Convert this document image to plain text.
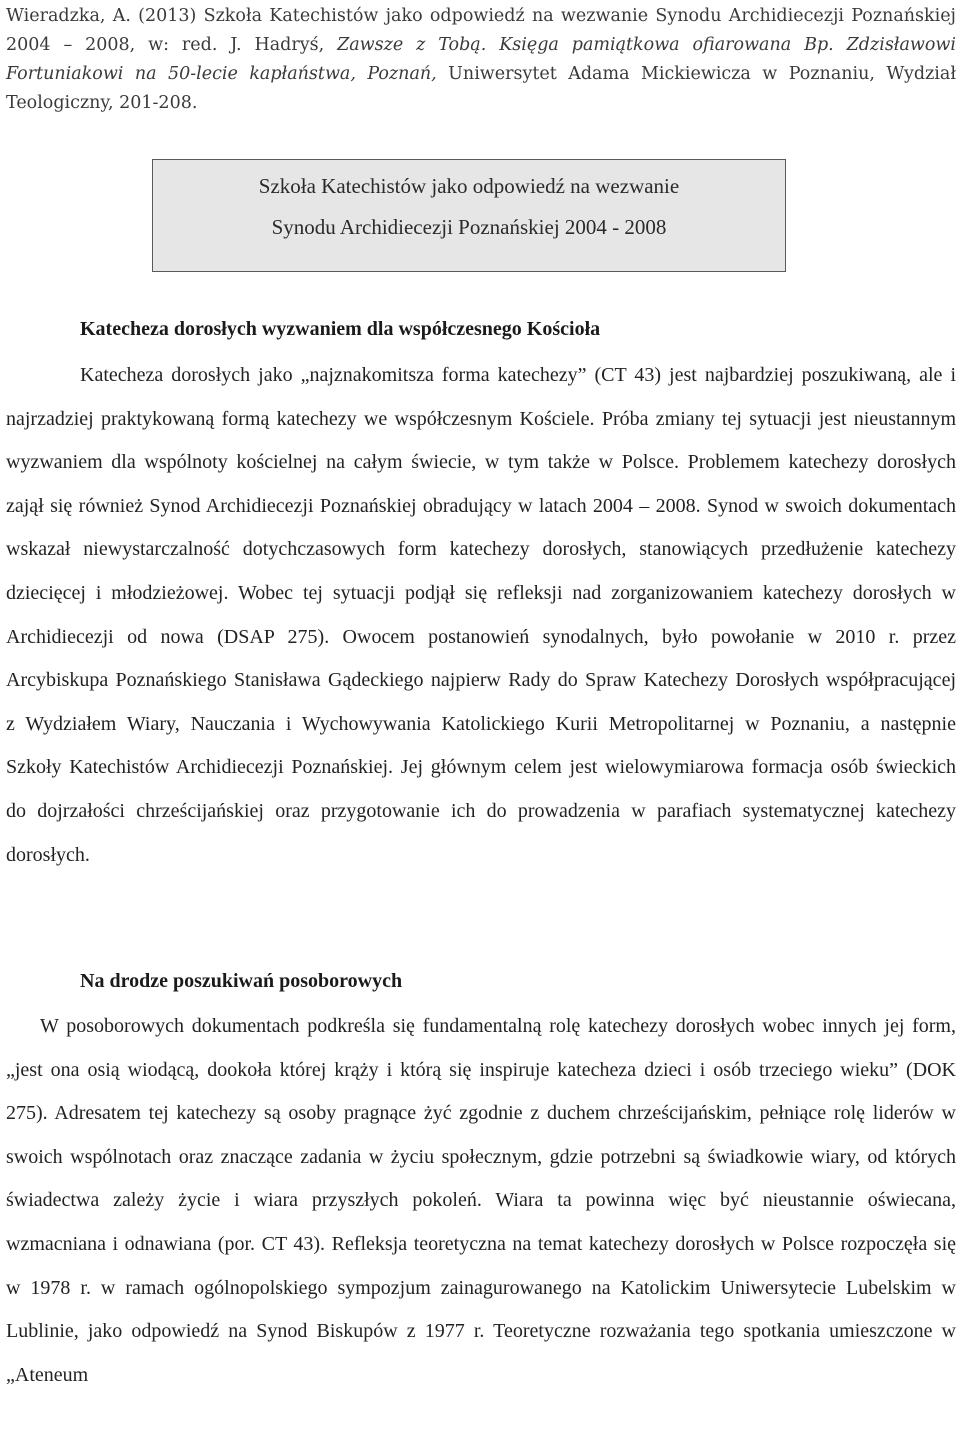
Wieradzka, A. (2013) Szkoła Katechistów jako odpowiedź na wezwanie Synodu Archidiecezji Poznańskiej 2004 – 2008, w: red. J. Hadryś, Zawsze z Tobą. Księga pamiątkowa ofiarowana Bp. Zdzisławowi Fortuniakowi na 50-lecie kapłaństwa, Poznań, Uniwersytet Adama Mickiewicza w Poznaniu, Wydział Teologiczny, 201-208.
Szkoła Katechistów jako odpowiedź na wezwanie
Synodu Archidiecezji Poznańskiej 2004 - 2008
Katecheza dorosłych wyzwaniem dla współczesnego Kościoła
Katecheza dorosłych jako „najznakomitsza forma katechezy” (CT 43) jest najbardziej poszukiwaną, ale i najrzadziej praktykowaną formą katechezy we współczesnym Kościele. Próba zmiany tej sytuacji jest nieustannym wyzwaniem dla wspólnoty kościelnej na całym świecie, w tym także w Polsce. Problemem katechezy dorosłych zajął się również Synod Archidiecezji Poznańskiej obradujący w latach 2004 – 2008. Synod w swoich dokumentach wskazał niewystarczalność dotychczasowych form katechezy dorosłych, stanowiących przedłużenie katechezy dziecięcej i młodzieżowej. Wobec tej sytuacji podjął się refleksji nad zorganizowaniem katechezy dorosłych w Archidiecezji od nowa (DSAP 275). Owocem postanowień synodalnych, było powołanie w 2010 r. przez Arcybiskupa Poznańskiego Stanisława Gądeckiego najpierw Rady do Spraw Katechezy Dorosłych współpracującej z Wydziałem Wiary, Nauczania i Wychowywania Katolickiego Kurii Metropolitarnej w Poznaniu, a następnie Szkoły Katechistów Archidiecezji Poznańskiej. Jej głównym celem jest wielowymiarowa formacja osób świeckich do dojrzałości chrześcijańskiej oraz przygotowanie ich do prowadzenia w parafiach systematycznej katechezy dorosłych.
Na drodze poszukiwań posoborowych
W posoborowych dokumentach podkreśla się fundamentalną rolę katechezy dorosłych wobec innych jej form, „jest ona osią wiodącą, dookoła której krąży i którą się inspiruje katecheza dzieci i osób trzeciego wieku” (DOK 275). Adresatem tej katechezy są osoby pragnące żyć zgodnie z duchem chrześcijańskim, pełniące rolę liderów w swoich wspólnotach oraz znaczące zadania w życiu społecznym, gdzie potrzebni są świadkowie wiary, od których świadectwa zależy życie i wiara przyszłych pokoleń. Wiara ta powinna więc być nieustannie oświecana, wzmacniana i odnawiana (por. CT 43). Refleksja teoretyczna na temat katechezy dorosłych w Polsce rozpoczęła się w 1978 r. w ramach ogólnopolskiego sympozjum zainagurowanego na Katolickim Uniwersytecie Lubelskim w Lublinie, jako odpowiedź na Synod Biskupów z 1977 r. Teoretyczne rozważania tego spotkania umieszczone w „Ateneum
